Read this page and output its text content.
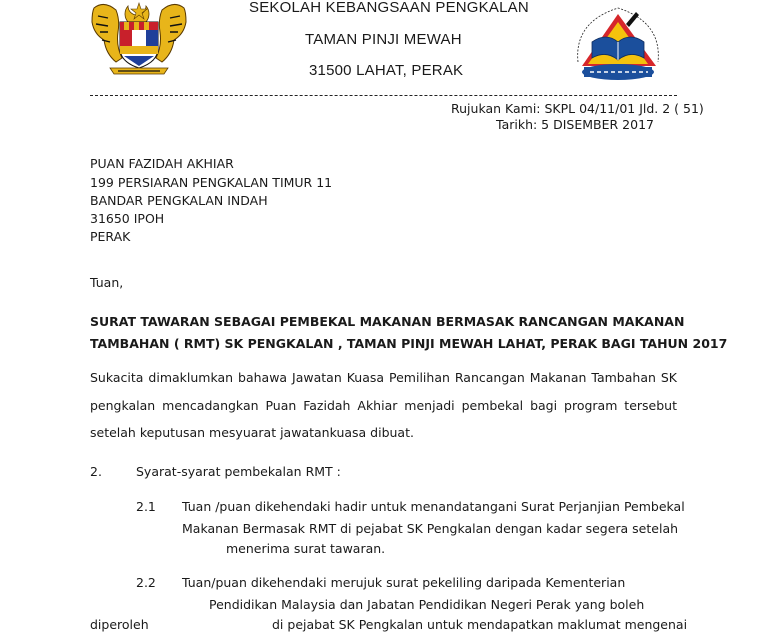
SEKOLAH KEBANGSAAN PENGKALAN
TAMAN PINJI MEWAH
31500 LAHAT, PERAK
Rujukan Kami: SKPL 04/11/01 Jld. 2 ( 51)
Tarikh: 5 DISEMBER 2017
PUAN FAZIDAH AKHIAR
199 PERSIARAN PENGKALAN TIMUR 11
BANDAR PENGKALAN INDAH
31650 IPOH
PERAK
Tuan,
SURAT TAWARAN SEBAGAI PEMBEKAL MAKANAN BERMASAK RANCANGAN MAKANAN
TAMBAHAN ( RMT) SK PENGKALAN , TAMAN PINJI MEWAH LAHAT, PERAK BAGI TAHUN 2017
Sukacita dimaklumkan bahawa Jawatan Kuasa Pemilihan Rancangan Makanan Tambahan SK
pengkalan mencadangkan Puan Fazidah Akhiar menjadi pembekal bagi program tersebut
setelah keputusan mesyuarat jawatankuasa dibuat.
2.	Syarat-syarat pembekalan RMT :
2.1 Tuan /puan dikehendaki hadir untuk menandatangani Surat Perjanjian Pembekal
Makanan Bermasak RMT di pejabat SK Pengkalan dengan kadar segera setelah
menerima surat tawaran.
2.2 Tuan/puan dikehendaki merujuk surat pekeliling daripada Kementerian
Pendidikan Malaysia dan Jabatan Pendidikan Negeri Perak yang boleh
diperoleh	di pejabat SK Pengkalan untuk mendapatkan maklumat mengenai
